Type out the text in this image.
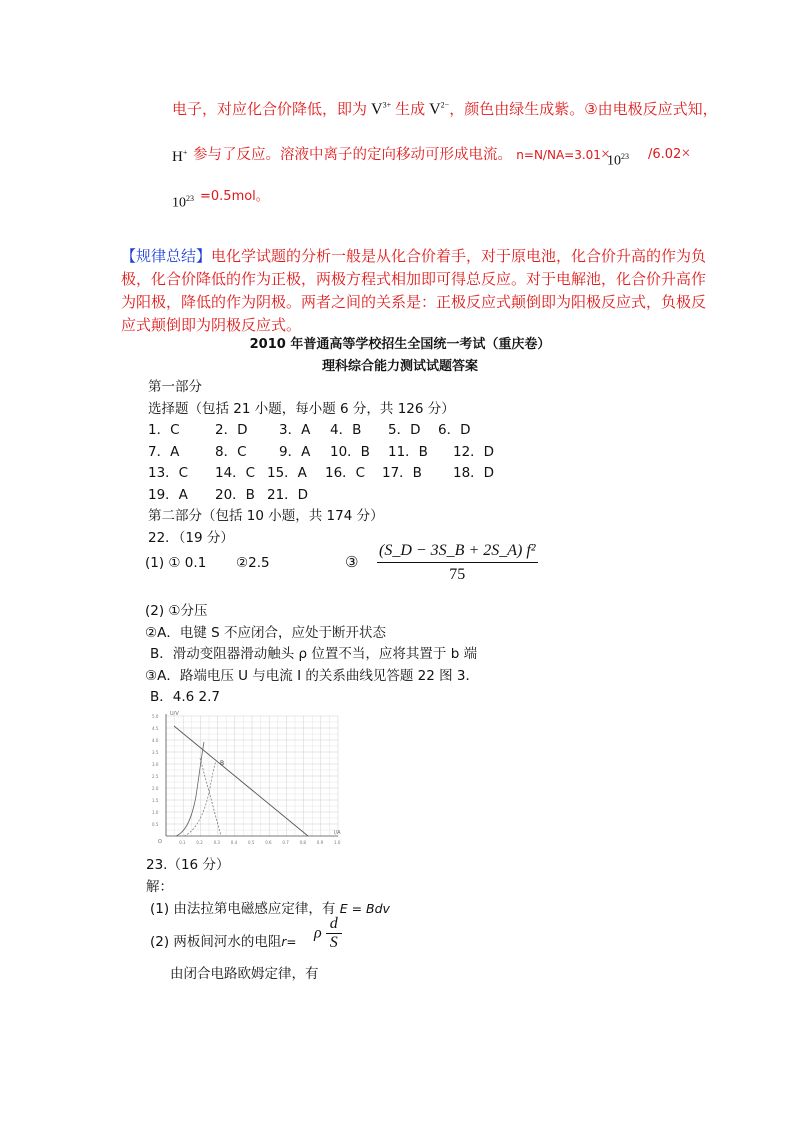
电子，对应化合价降低，即为 $V^{3+}$ 生成 $V^{2-}$，颜色由绿生成紫。③由电极反应式知，
H+ 参与了反应。溶液中离子的定向移动可形成电流。 n=N/NA=3.01×
$10^{23}$ /6.02×
$10^{23} =0.5mol$。
【规律总结】电化学试题的分析一般是从化合价着手，对于原电池，化合价升高的作为负
极，化合价降低的作为正极，两极方程式相加即可得总反应。对于电解池，化合价升高作
为阳极，降低的作为阴极。两者之间的关系是：正极反应式颠倒即为阳极反应式，负极反
应式颠倒即为阴极反应式。
2010 年普通高等学校招生全国统一考试（重庆卷）
理科综合能力测试试题答案
第一部分
选择题（包括 21 小题，每小题 6 分，共 126 分）
1．C	2．D 3．A 4．B 5．D 6．D
7．A	8．C 9．A 10．B 11．B 12．D
13．C 14．C 15．A 16．C 17．B 18．D
19．A 20．B 21．D
第二部分（包括 10 小题，共 174 分）
22．（19 分）
(1) ① 0.1 ②2.5	③ $\frac{\text{(S\_D − 3S\_B + 2S\_A) f²}}{75}$
(2) ①分压
②A．电键 S 不应闭合，应处于断开状态
B．滑动变阻器滑动触头 ρ 位置不当，应将其置于 b 端
③A．路端电压 U 与电流 I 的关系曲线见答题 22 图 3．
B．4.6 2.7
U/V
I/A
O
5.0
4.5
4.0
3.5
3.0
2.5
2.0
1.5
1.0
0.5
0.1	0.2	0.3	0.4	0.5	0.6	0.7	0.8	0.9	1.0
B
23.（16 分）
解：
(1) 由法拉第电磁感应定律，有 E = Bdv
(2) 两板间河水的电阻r=
ρ $\frac{d}{S}$
由闭合电路欧姆定律，有
